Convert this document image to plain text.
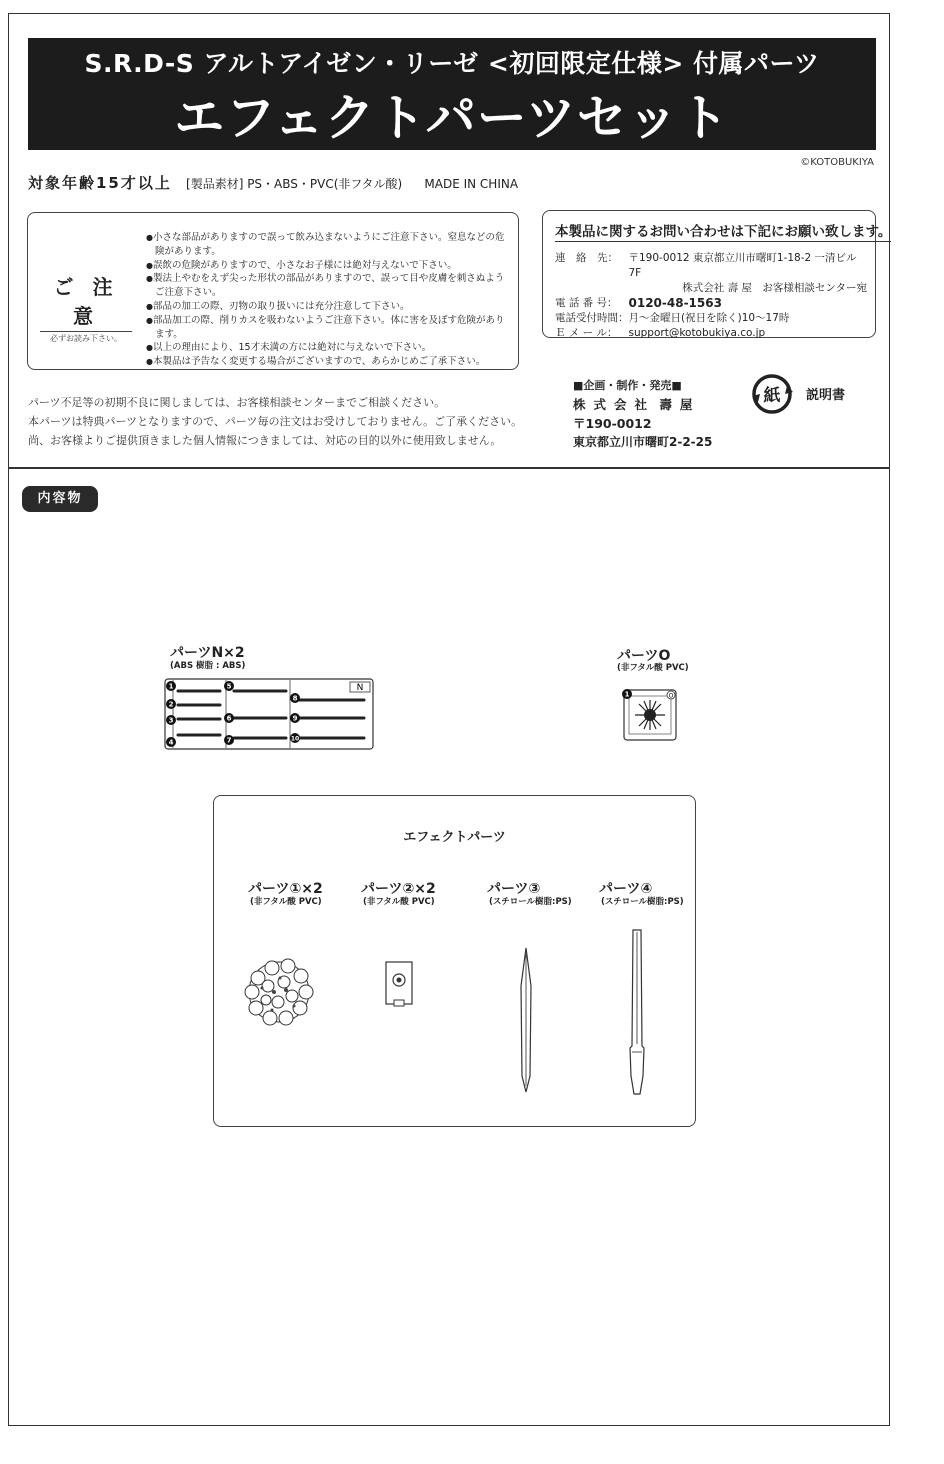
S.R.D-S アルトアイゼン・リーゼ <初回限定仕様> 付属パーツ
エフェクトパーツセット
©KOTOBUKIYA
対象年齢15才以上 [製品素材] PS・ABS・PVC(非フタル酸) MADE IN CHINA
ご 注 意
必ずお読み下さい。
● 小さな部品がありますので誤って飲み込まないようにご注意下さい。窒息などの危険があります。
● 誤飲の危険がありますので、小さなお子様には絶対与えないで下さい。
● 製法上やむをえず尖った形状の部品がありますので、誤って目や皮膚を刺さぬようご注意下さい。
● 部品の加工の際、刃物の取り扱いには充分注意して下さい。
● 部品加工の際、削りカスを吸わないようご注意下さい。体に害を及ぼす危険があります。
● 以上の理由により、15才未満の方には絶対に与えないで下さい。
● 本製品は予告なく変更する場合がございますので、あらかじめご了承下さい。
本製品に関するお問い合わせは下記にお願い致します。
連　絡　先：	〒190-0012 東京都立川市曙町1-18-2 一清ビル7F
	株式会社 壽 屋　お客様相談センター宛
電 話 番 号：	0120-48-1563
電話受付時間：	月〜金曜日(祝日を除く)10〜17時
Ｅ メ ー ル：	support@kotobukiya.co.jp
パーツ不足等の初期不良に関しましては、お客様相談センターまでご相談ください。
本パーツは特典パーツとなりますので、パーツ毎の注文はお受けしておりません。ご了承ください。
尚、お客様よりご提供頂きました個人情報につきましては、対応の目的以外に使用致しません。
■企画・制作・発売■
株式会社 壽屋
〒190-0012
東京都立川市曙町2-2-25
紙 説明書
内容物
パーツN×2
(ABS 樹脂 : ABS)
N
1
2
3
4
5
6
7
8
9
10
パーツO
(非フタル酸 PVC)
O
1
エフェクトパーツ
パーツ①×2
(非フタル酸 PVC)
パーツ②×2
(非フタル酸 PVC)
パーツ③
(スチロール樹脂:PS)
パーツ④
(スチロール樹脂:PS)
